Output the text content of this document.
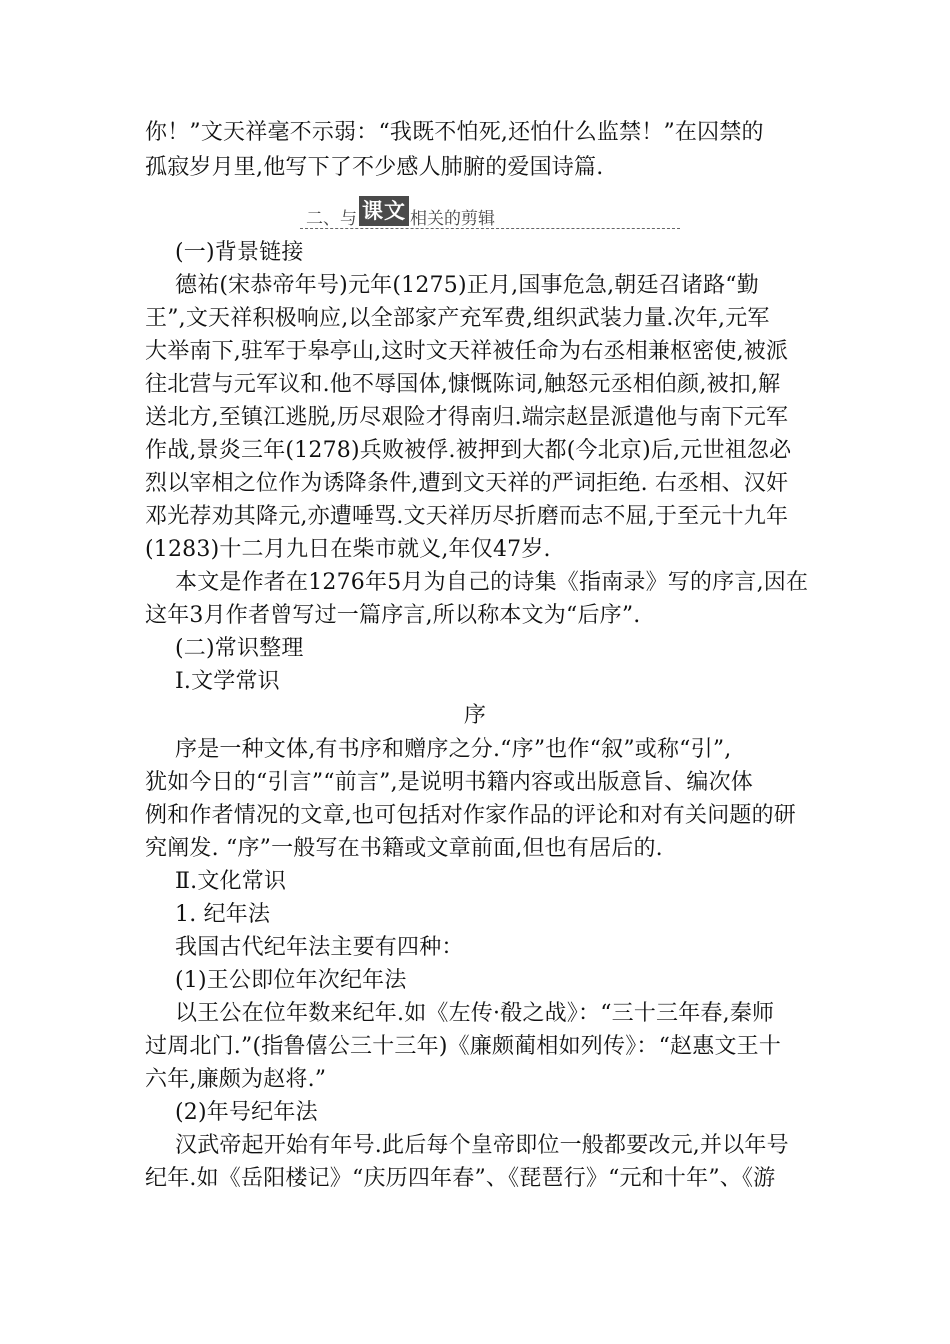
你！”文天祥毫不示弱：“我既不怕死,还怕什么监禁！”在囚禁的
孤寂岁月里,他写下了不少感人肺腑的爱国诗篇.
二、与 课文 相关的剪辑
(一)背景链接
德祐(宋恭帝年号)元年(1275)正月,国事危急,朝廷召诸路“勤
王”,文天祥积极响应,以全部家产充军费,组织武装力量.次年,元军
大举南下,驻军于皋亭山,这时文天祥被任命为右丞相兼枢密使,被派
往北营与元军议和.他不辱国体,慷慨陈词,触怒元丞相伯颜,被扣,解
送北方,至镇江逃脱,历尽艰险才得南归.端宗赵昰派遣他与南下元军
作战,景炎三年(1278)兵败被俘.被押到大都(今北京)后,元世祖忽必
烈以宰相之位作为诱降条件,遭到文天祥的严词拒绝. 右丞相、汉奸
邓光荐劝其降元,亦遭唾骂.文天祥历尽折磨而志不屈,于至元十九年
(1283)十二月九日在柴市就义,年仅47岁.
本文是作者在1276年5月为自己的诗集《指南录》写的序言,因在
这年3月作者曾写过一篇序言,所以称本文为“后序”.
(二)常识整理
Ⅰ.文学常识
序
序是一种文体,有书序和赠序之分.“序”也作“叙”或称“引”,
犹如今日的“引言”“前言”,是说明书籍内容或出版意旨、编次体
例和作者情况的文章,也可包括对作家作品的评论和对有关问题的研
究阐发. “序”一般写在书籍或文章前面,但也有居后的.
Ⅱ.文化常识
1. 纪年法
我国古代纪年法主要有四种：
(1)王公即位年次纪年法
以王公在位年数来纪年.如《左传·殽之战》：“三十三年春,秦师
过周北门.”(指鲁僖公三十三年)《廉颇蔺相如列传》：“赵惠文王十
六年,廉颇为赵将.”
(2)年号纪年法
汉武帝起开始有年号.此后每个皇帝即位一般都要改元,并以年号
纪年.如《岳阳楼记》“庆历四年春”、《琵琶行》“元和十年”、《游
